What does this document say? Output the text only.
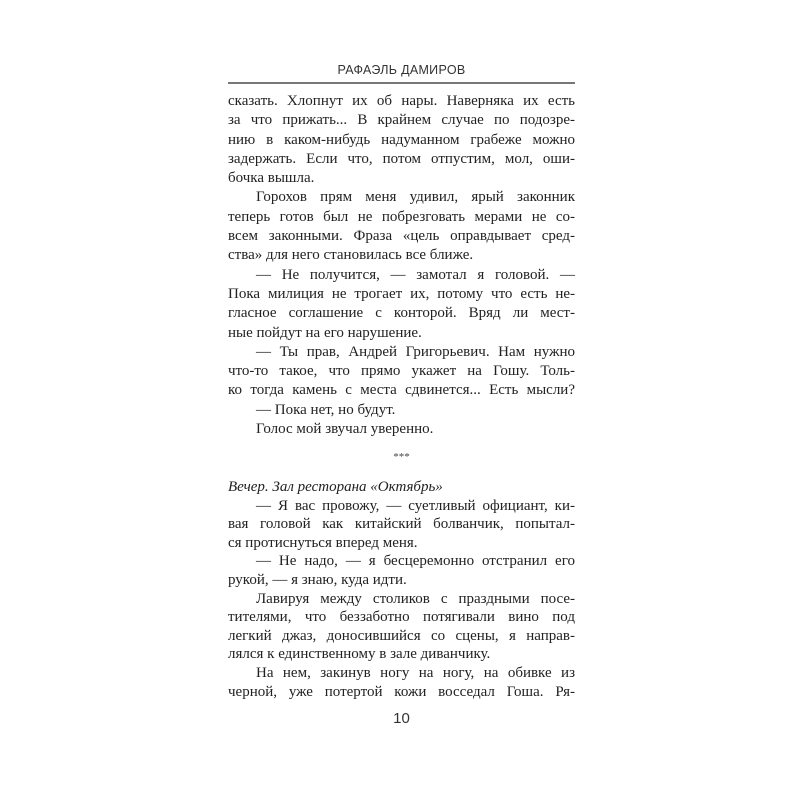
РАФАЭЛЬ ДАМИРОВ
сказать. Хлопнут их об нары. Наверняка их есть
за что прижать... В крайнем случае по подозре-
нию в каком-нибудь надуманном грабеже можно
задержать. Если что, потом отпустим, мол, оши-
бочка вышла.
Горохов прям меня удивил, ярый законник
теперь готов был не побрезговать мерами не со-
всем законными. Фраза «цель оправдывает сред-
ства» для него становилась все ближе.
— Не получится, — замотал я головой. —
Пока милиция не трогает их, потому что есть не-
гласное соглашение с конторой. Вряд ли мест-
ные пойдут на его нарушение.
— Ты прав, Андрей Григорьевич. Нам нужно
что-то такое, что прямо укажет на Гошу. Толь-
ко тогда камень с места сдвинется... Есть мысли?
— Пока нет, но будут.
Голос мой звучал уверенно.
***
Вечер. Зал ресторана «Октябрь»
— Я вас провожу, — суетливый официант, ки-
вая головой как китайский болванчик, попытал-
ся протиснуться вперед меня.
— Не надо, — я бесцеремонно отстранил его
рукой, — я знаю, куда идти.
Лавируя между столиков с праздными посе-
тителями, что беззаботно потягивали вино под
легкий джаз, доносившийся со сцены, я направ-
лялся к единственному в зале диванчику.
На нем, закинув ногу на ногу, на обивке из
черной, уже потертой кожи восседал Гоша. Ря-
10
